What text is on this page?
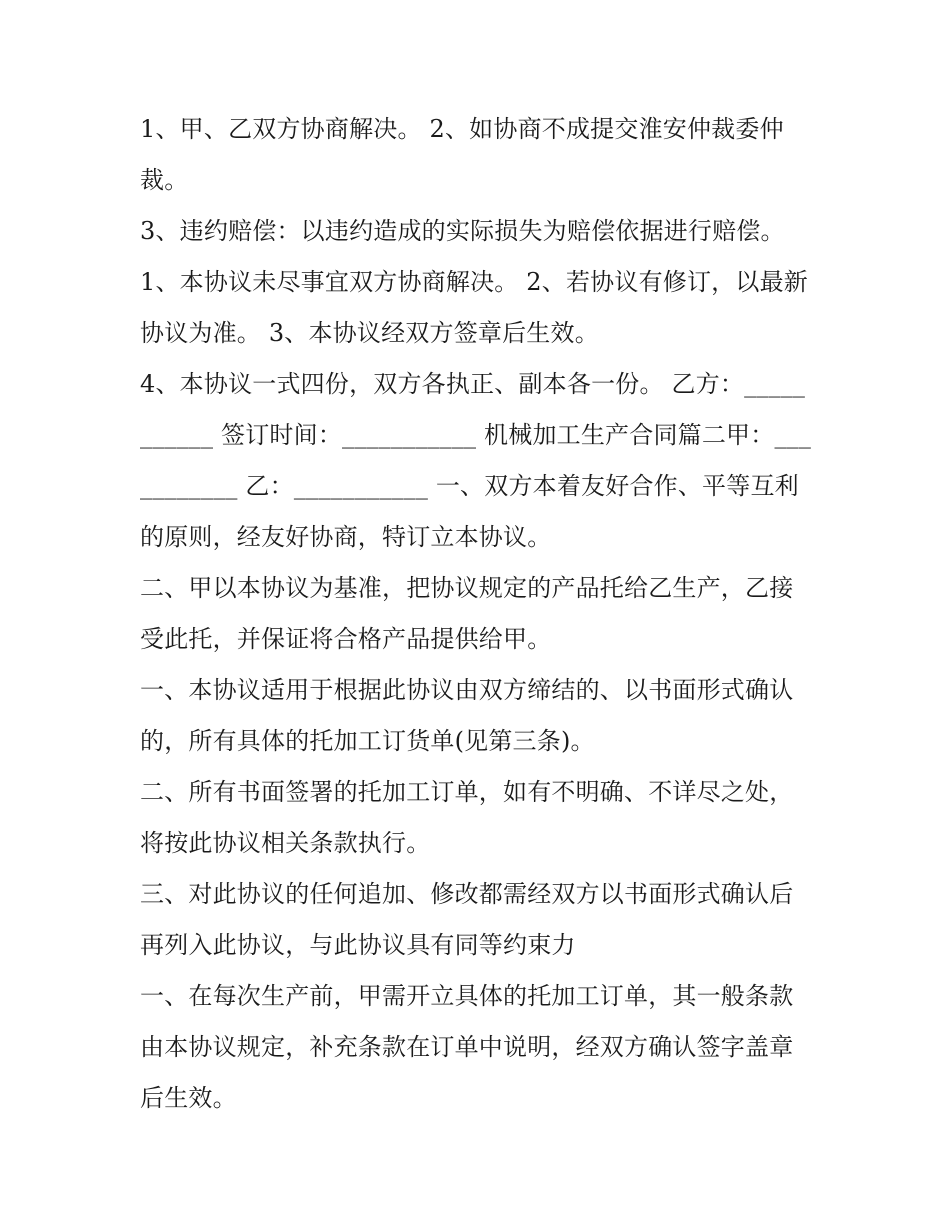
1、甲、乙双方协商解决。 2、如协商不成提交淮安仲裁委仲裁。

3、违约赔偿：以违约造成的实际损失为赔偿依据进行赔偿。

1、本协议未尽事宜双方协商解决。 2、若协议有修订，以最新协议为准。 3、本协议经双方签章后生效。

4、本协议一式四份，双方各执正、副本各一份。 乙方：___________ 签订时间：___________ 机械加工生产合同篇二甲：___________ 乙：___________ 一、双方本着友好合作、平等互利的原则，经友好协商，特订立本协议。

二、甲以本协议为基准，把协议规定的产品托给乙生产，乙接受此托，并保证将合格产品提供给甲。

一、本协议适用于根据此协议由双方缔结的、以书面形式确认的，所有具体的托加工订货单(见第三条)。

二、所有书面签署的托加工订单，如有不明确、不详尽之处，将按此协议相关条款执行。

三、对此协议的任何追加、修改都需经双方以书面形式确认后再列入此协议，与此协议具有同等约束力

一、在每次生产前，甲需开立具体的托加工订单，其一般条款由本协议规定，补充条款在订单中说明，经双方确认签字盖章后生效。
